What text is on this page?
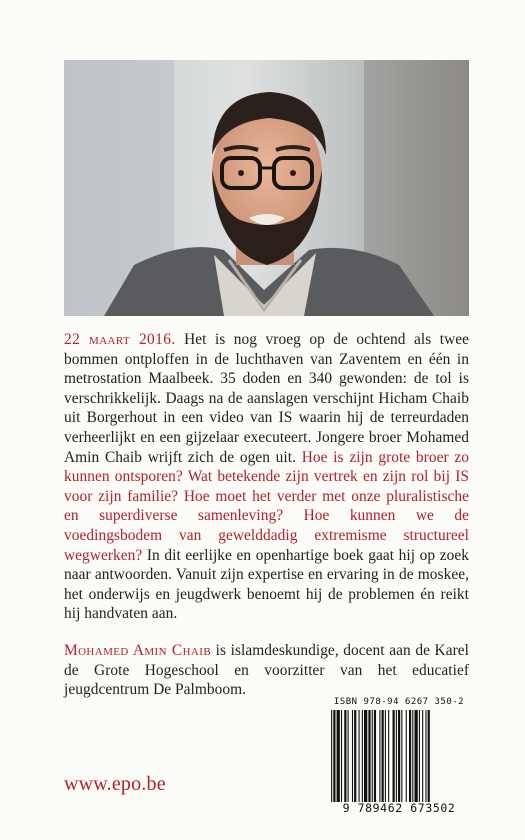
22 maart 2016. Het is nog vroeg op de ochtend als twee bommen ontploffen in de luchthaven van Zaventem en één in metrostation Maalbeek. 35 doden en 340 gewonden: de tol is verschrikkelijk. Daags na de aanslagen verschijnt Hicham Chaib uit Borgerhout in een video van IS waarin hij de terreurdaden verheerlijkt en een gijzelaar executeert. Jongere broer Mohamed Amin Chaib wrijft zich de ogen uit. Hoe is zijn grote broer zo kunnen ontsporen? Wat betekende zijn vertrek en zijn rol bij IS voor zijn familie? Hoe moet het verder met onze pluralistische en superdiverse samenleving? Hoe kunnen we de voedingsbodem van gewelddadig extremisme structureel wegwerken? In dit eerlijke en openhartige boek gaat hij op zoek naar antwoorden. Vanuit zijn expertise en ervaring in de moskee, het onderwijs en jeugdwerk benoemt hij de problemen én reikt hij handvaten aan.
Mohamed Amin Chaib is islamdeskundige, docent aan de Karel de Grote Hogeschool en voorzitter van het educatief jeugdcentrum De Palmboom.
ISBN 978-94 6267 350-2
9 789462 673502
www.epo.be
